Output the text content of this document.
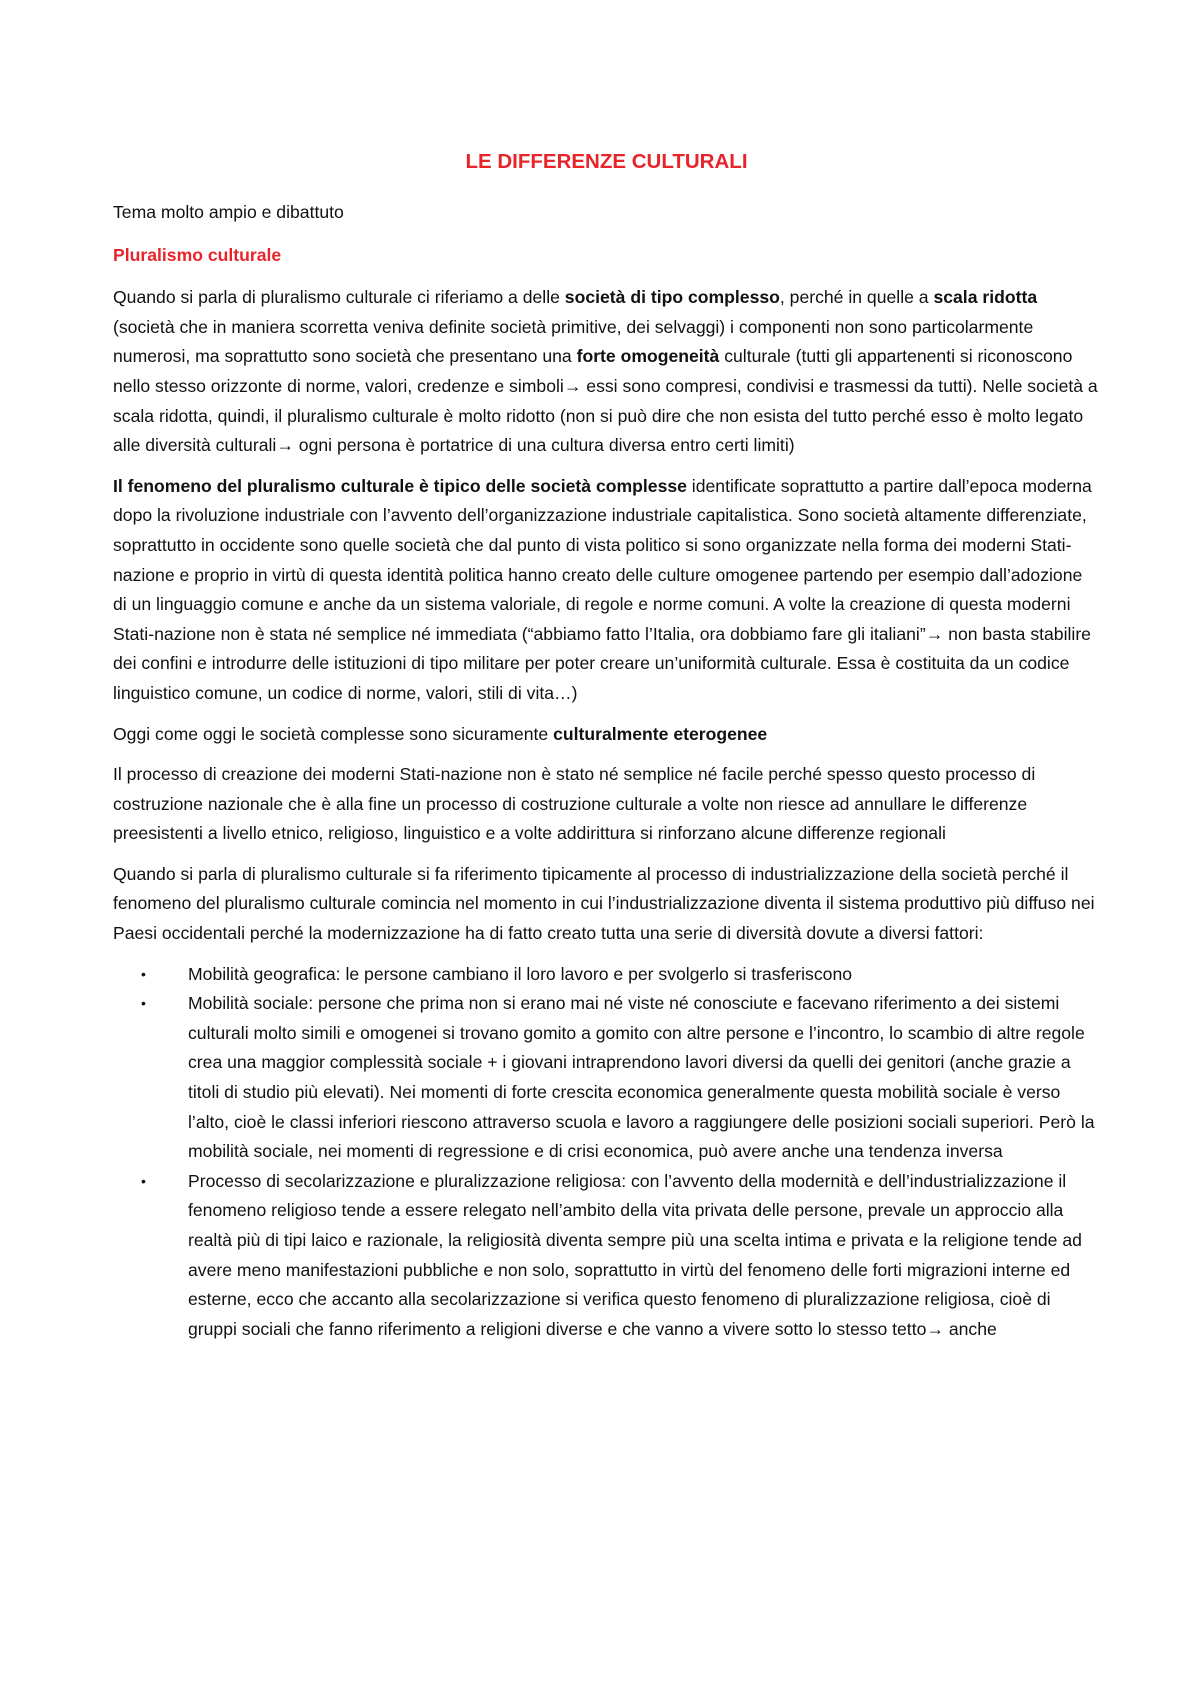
LE DIFFERENZE CULTURALI

Tema molto ampio e dibattuto

Pluralismo culturale

Quando si parla di pluralismo culturale ci riferiamo a delle società di tipo complesso, perché in quelle a scala ridotta (società che in maniera scorretta veniva definite società primitive, dei selvaggi) i componenti non sono particolarmente numerosi, ma soprattutto sono società che presentano una forte omogeneità culturale (tutti gli appartenenti si riconoscono nello stesso orizzonte di norme, valori, credenze e simboli→ essi sono compresi, condivisi e trasmessi da tutti). Nelle società a scala ridotta, quindi, il pluralismo culturale è molto ridotto (non si può dire che non esista del tutto perché esso è molto legato alle diversità culturali→ ogni persona è portatrice di una cultura diversa entro certi limiti)

Il fenomeno del pluralismo culturale è tipico delle società complesse identificate soprattutto a partire dall’epoca moderna dopo la rivoluzione industriale con l’avvento dell’organizzazione industriale capitalistica. Sono società altamente differenziate, soprattutto in occidente sono quelle società che dal punto di vista politico si sono organizzate nella forma dei moderni Stati-nazione e proprio in virtù di questa identità politica hanno creato delle culture omogenee partendo per esempio dall’adozione di un linguaggio comune e anche da un sistema valoriale, di regole e norme comuni. A volte la creazione di questa moderni Stati-nazione non è stata né semplice né immediata (“abbiamo fatto l’Italia, ora dobbiamo fare gli italiani”→ non basta stabilire dei confini e introdurre delle istituzioni di tipo militare per poter creare un’uniformità culturale. Essa è costituita da un codice linguistico comune, un codice di norme, valori, stili di vita…)

Oggi come oggi le società complesse sono sicuramente culturalmente eterogenee

Il processo di creazione dei moderni Stati-nazione non è stato né semplice né facile perché spesso questo processo di costruzione nazionale che è alla fine un processo di costruzione culturale a volte non riesce ad annullare le differenze preesistenti a livello etnico, religioso, linguistico e a volte addirittura si rinforzano alcune differenze regionali

Quando si parla di pluralismo culturale si fa riferimento tipicamente al processo di industrializzazione della società perché il fenomeno del pluralismo culturale comincia nel momento in cui l’industrializzazione diventa il sistema produttivo più diffuso nei Paesi occidentali perché la modernizzazione ha di fatto creato tutta una serie di diversità dovute a diversi fattori:

• Mobilità geografica: le persone cambiano il loro lavoro e per svolgerlo si trasferiscono
• Mobilità sociale: persone che prima non si erano mai né viste né conosciute e facevano riferimento a dei sistemi culturali molto simili e omogenei si trovano gomito a gomito con altre persone e l’incontro, lo scambio di altre regole crea una maggior complessità sociale + i giovani intraprendono lavori diversi da quelli dei genitori (anche grazie a titoli di studio più elevati). Nei momenti di forte crescita economica generalmente questa mobilità sociale è verso l’alto, cioè le classi inferiori riescono attraverso scuola e lavoro a raggiungere delle posizioni sociali superiori. Però la mobilità sociale, nei momenti di regressione e di crisi economica, può avere anche una tendenza inversa
• Processo di secolarizzazione e pluralizzazione religiosa: con l’avvento della modernità e dell’industrializzazione il fenomeno religioso tende a essere relegato nell’ambito della vita privata delle persone, prevale un approccio alla realtà più di tipi laico e razionale, la religiosità diventa sempre più una scelta intima e privata e la religione tende ad avere meno manifestazioni pubbliche e non solo, soprattutto in virtù del fenomeno delle forti migrazioni interne ed esterne, ecco che accanto alla secolarizzazione si verifica questo fenomeno di pluralizzazione religiosa, cioè di gruppi sociali che fanno riferimento a religioni diverse e che vanno a vivere sotto lo stesso tetto→ anche
